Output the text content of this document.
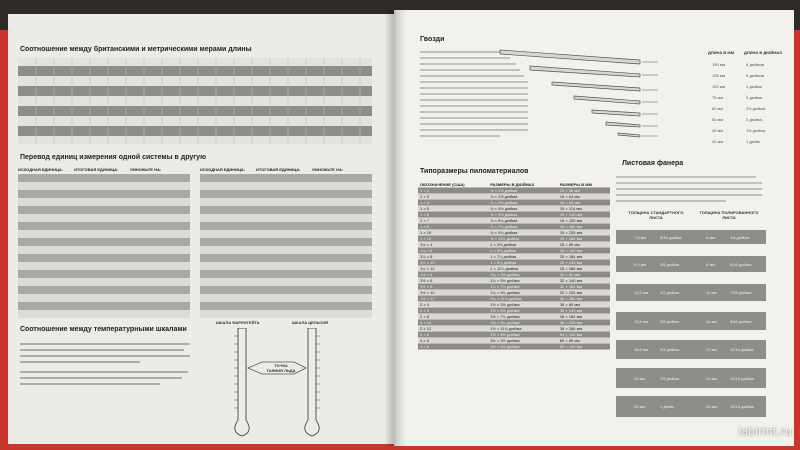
Соотношение между британскими и метрическими мерами длины
Перевод единиц измерения одной системы в другую
ИСХОДНАЯ ЕДИНИЦА:	ИТОГОВАЯ ЕДИНИЦА:	УМНОЖЬТЕ НА:	ИСХОДНАЯ ЕДИНИЦА:	ИТОГОВАЯ ЕДИНИЦА:	УМНОЖЬТЕ НА:
Соотношение между температурными шкалами
ШКАЛА ФАРЕНГЕЙТА	ШКАЛА ЦЕЛЬСИЯ
ТОЧКА ТАЯНИЯ ЛЬДА
Гвозди
ДЛИНА В ММ ДЛИНА В ДЮЙМАХ
150 мм	6 дюймов
125 мм	5 дюймов
100 мм	4 дюйма
75 мм	3 дюйма
65 мм	2½ дюйма
50 мм	2 дюйма
40 мм	1½ дюйма
25 мм	1 дюйм
Типоразмеры пиломатериалов
ОБОЗНАЧЕНИЕ (США)	РАЗМЕРЫ В ДЮЙМАХ	РАЗМЕРЫ В ММ
1 × 2	¾ × 1½ дюйма	19 × 38 мм
1 × 3	¾ × 2½ дюйма	19 × 64 мм
1 × 4	¾ × 3½ дюйма	19 × 89 мм
1 × 5	¾ × 4½ дюйма	19 × 114 мм
1 × 6	¾ × 5½ дюйма	19 × 140 мм
1 × 7	¾ × 6¼ дюйма	19 × 159 мм
1 × 8	¾ × 7¼ дюйма	19 × 184 мм
1 × 10	¾ × 9¼ дюйма	19 × 235 мм
1 × 12	¾ × 11¼ дюйма	19 × 286 мм
1¼ × 4	1 × 3½ дюйма	25 × 89 мм
1¼ × 6	1 × 5½ дюйма	25 × 140 мм
1¼ × 8	1 × 7¼ дюйма	25 × 184 мм
1¼ × 10	1 × 9¼ дюйма	25 × 235 мм
1¼ × 12	1 × 11¼ дюйма	25 × 286 мм
1½ × 4	1¼ × 3½ дюйма	32 × 89 мм
1½ × 6	1¼ × 5½ дюйма	32 × 140 мм
1½ × 8	1¼ × 7¼ дюйма	32 × 184 мм
1½ × 10	1¼ × 9¼ дюйма	32 × 235 мм
1½ × 12	1¼ × 11¼ дюйма	32 × 286 мм
2 × 4	1½ × 3½ дюйма	38 × 89 мм
2 × 6	1½ × 5½ дюйма	38 × 140 мм
2 × 8	1½ × 7¼ дюйма	38 × 184 мм
2 × 10	1½ × 9¼ дюйма	38 × 235 мм
2 × 12	1½ × 11¼ дюйма	38 × 286 мм
3 × 6	2½ × 5½ дюйма	64 × 140 мм
4 × 4	3½ × 3½ дюйма	89 × 89 мм
4 × 6	3½ × 5½ дюйма	89 × 140 мм
Листовая фанера
ТОЛЩИНА СТАНДАРТНОГО ЛИСТА
ТОЛЩИНА ПОЛИРОВАННОГО ЛИСТА
7,5 мм	5/16 дюйма	6 мм	1/4 дюйма
9,5 мм	3/8 дюйма	8 мм	5/16 дюйма
12,5 мм	1/2 дюйма	11 мм	7/16 дюйма
15,5 мм	5/8 дюйма	14 мм	9/16 дюйма
18,5 мм	3/4 дюйма	17 мм	11/16 дюйма
22 мм	7/8 дюйма	21 мм	13/16 дюйма
25 мм	1 дюйм	24 мм	15/16 дюйма
labirint.ru
